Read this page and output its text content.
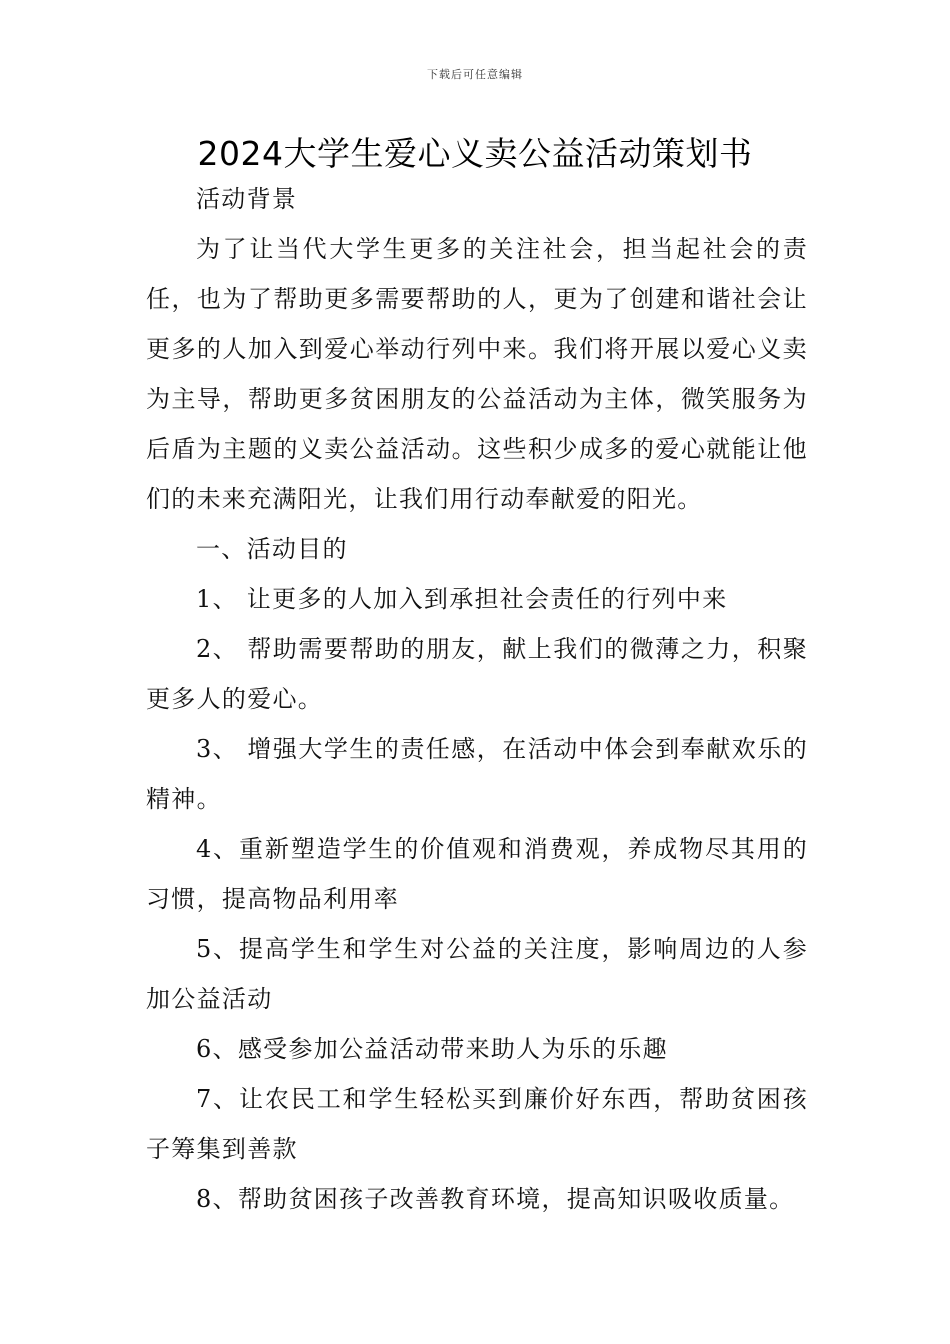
下载后可任意编辑
2024大学生爱心义卖公益活动策划书

活动背景

为了让当代大学生更多的关注社会，担当起社会的责任，也为了帮助更多需要帮助的人，更为了创建和谐社会让更多的人加入到爱心举动行列中来。我们将开展以爱心义卖为主导，帮助更多贫困朋友的公益活动为主体，微笑服务为后盾为主题的义卖公益活动。这些积少成多的爱心就能让他们的未来充满阳光，让我们用行动奉献爱的阳光。

一、活动目的

1、 让更多的人加入到承担社会责任的行列中来

2、 帮助需要帮助的朋友，献上我们的微薄之力，积聚更多人的爱心。

3、 增强大学生的责任感，在活动中体会到奉献欢乐的精神。

4、重新塑造学生的价值观和消费观，养成物尽其用的习惯，提高物品利用率

5、提高学生和学生对公益的关注度，影响周边的人参加公益活动

6、感受参加公益活动带来助人为乐的乐趣

7、让农民工和学生轻松买到廉价好东西，帮助贫困孩子筹集到善款

8、帮助贫困孩子改善教育环境，提高知识吸收质量。
